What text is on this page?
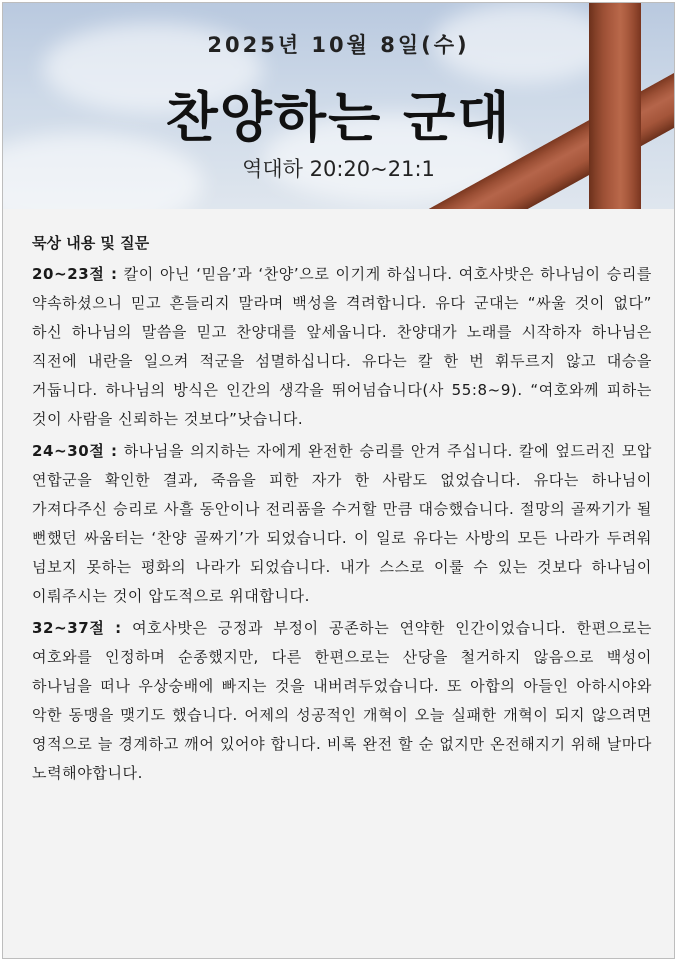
2025년 10월 8일(수)
찬양하는 군대
역대하 20:20~21:1
묵상 내용 및 질문
20~23절 : 칼이 아닌 ‘믿음’과 ‘찬양’으로 이기게 하십니다. 여호사밧은 하나님이 승리를 약속하셨으니 믿고 흔들리지 말라며 백성을 격려합니다. 유다 군대는 “싸울 것이 없다” 하신 하나님의 말씀을 믿고 찬양대를 앞세웁니다. 찬양대가 노래를 시작하자 하나님은 직전에 내란을 일으켜 적군을 섬멸하십니다. 유다는 칼 한 번 휘두르지 않고 대승을 거둡니다. 하나님의 방식은 인간의 생각을 뛰어넘습니다(사 55:8~9). “여호와께 피하는 것이 사람을 신뢰하는 것보다”낫습니다.
24~30절 : 하나님을 의지하는 자에게 완전한 승리를 안겨 주십니다. 칼에 엎드러진 모압 연합군을 확인한 결과, 죽음을 피한 자가 한 사람도 없었습니다. 유다는 하나님이 가져다주신 승리로 사흘 동안이나 전리품을 수거할 만큼 대승했습니다. 절망의 골짜기가 될 뻔했던 싸움터는 ‘찬양 골짜기’가 되었습니다. 이 일로 유다는 사방의 모든 나라가 두려워 넘보지 못하는 평화의 나라가 되었습니다. 내가 스스로 이룰 수 있는 것보다 하나님이 이뤄주시는 것이 압도적으로 위대합니다.
32~37절 : 여호사밧은 긍정과 부정이 공존하는 연약한 인간이었습니다. 한편으로는 여호와를 인정하며 순종했지만, 다른 한편으로는 산당을 철거하지 않음으로 백성이 하나님을 떠나 우상숭배에 빠지는 것을 내버려두었습니다. 또 아합의 아들인 아하시야와 악한 동맹을 맺기도 했습니다. 어제의 성공적인 개혁이 오늘 실패한 개혁이 되지 않으려면 영적으로 늘 경계하고 깨어 있어야 합니다. 비록 완전 할 순 없지만 온전해지기 위해 날마다 노력해야합니다.
